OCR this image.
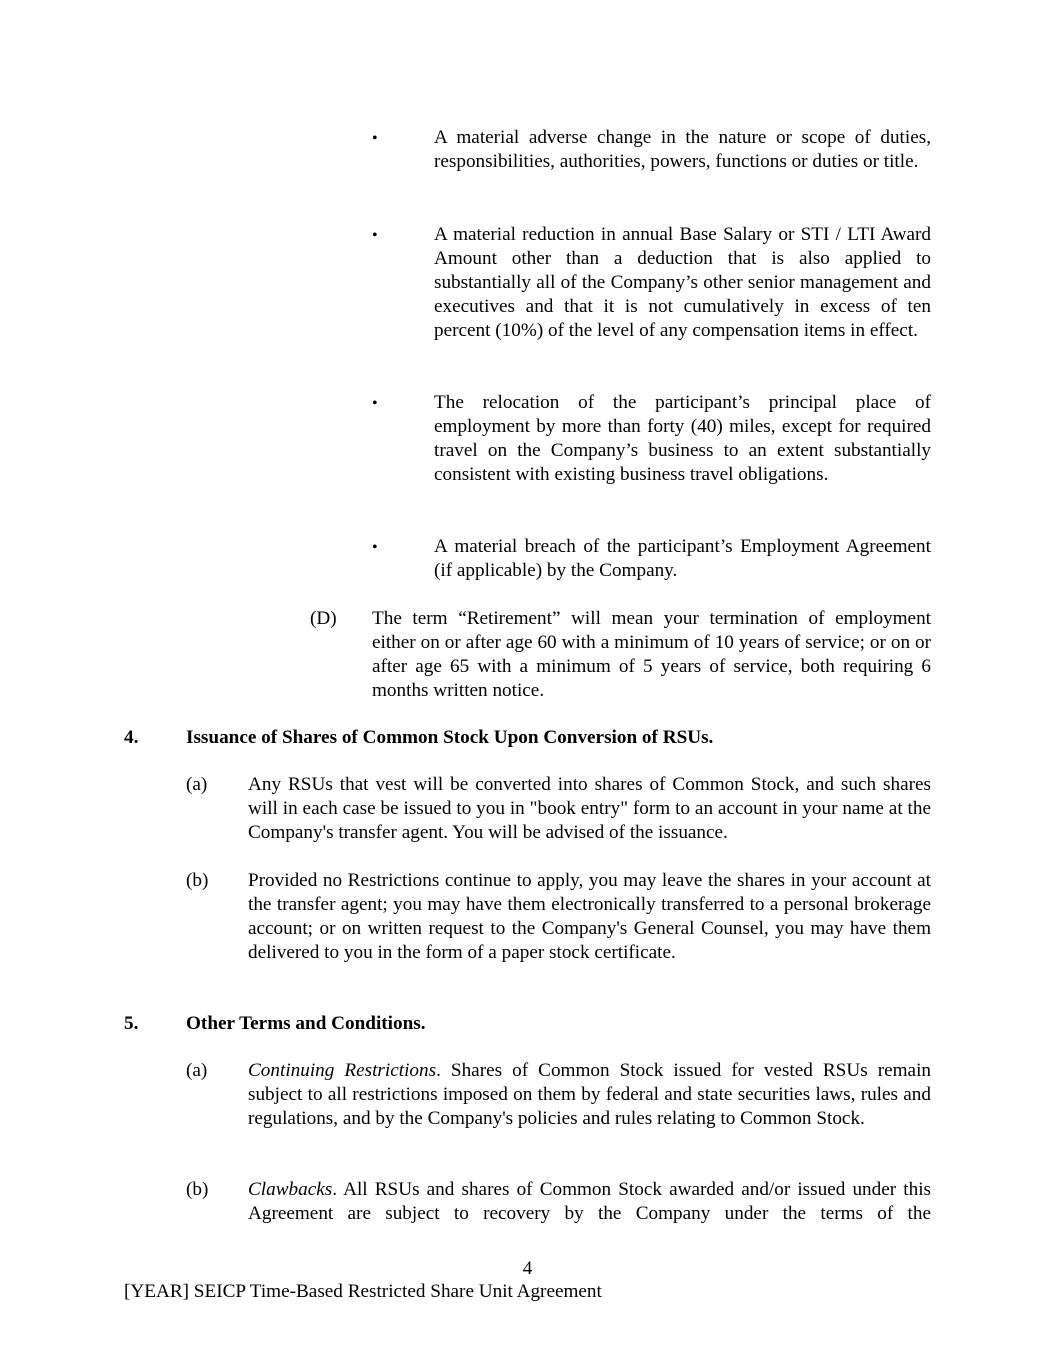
•	A material adverse change in the nature or scope of duties, responsibilities, authorities, powers, functions or duties or title.
•	A material reduction in annual Base Salary or STI / LTI Award Amount other than a deduction that is also applied to substantially all of the Company’s other senior management and executives and that it is not cumulatively in excess of ten percent (10%) of the level of any compensation items in effect.
•	The relocation of the participant’s principal place of employment by more than forty (40) miles, except for required travel on the Company’s business to an extent substantially consistent with existing business travel obligations.
•	A material breach of the participant’s Employment Agreement (if applicable) by the Company.
(D) The term “Retirement” will mean your termination of employment either on or after age 60 with a minimum of 10 years of service; or on or after age 65 with a minimum of 5 years of service, both requiring 6 months written notice.
4. Issuance of Shares of Common Stock Upon Conversion of RSUs.
(a) Any RSUs that vest will be converted into shares of Common Stock, and such shares will in each case be issued to you in "book entry" form to an account in your name at the Company's transfer agent. You will be advised of the issuance.
(b) Provided no Restrictions continue to apply, you may leave the shares in your account at the transfer agent; you may have them electronically transferred to a personal brokerage account; or on written request to the Company's General Counsel, you may have them delivered to you in the form of a paper stock certificate.
5. Other Terms and Conditions.
(a) Continuing Restrictions. Shares of Common Stock issued for vested RSUs remain subject to all restrictions imposed on them by federal and state securities laws, rules and regulations, and by the Company's policies and rules relating to Common Stock.
(b) Clawbacks. All RSUs and shares of Common Stock awarded and/or issued under this Agreement are subject to recovery by the Company under the terms of the
4
[YEAR] SEICP Time-Based Restricted Share Unit Agreement
